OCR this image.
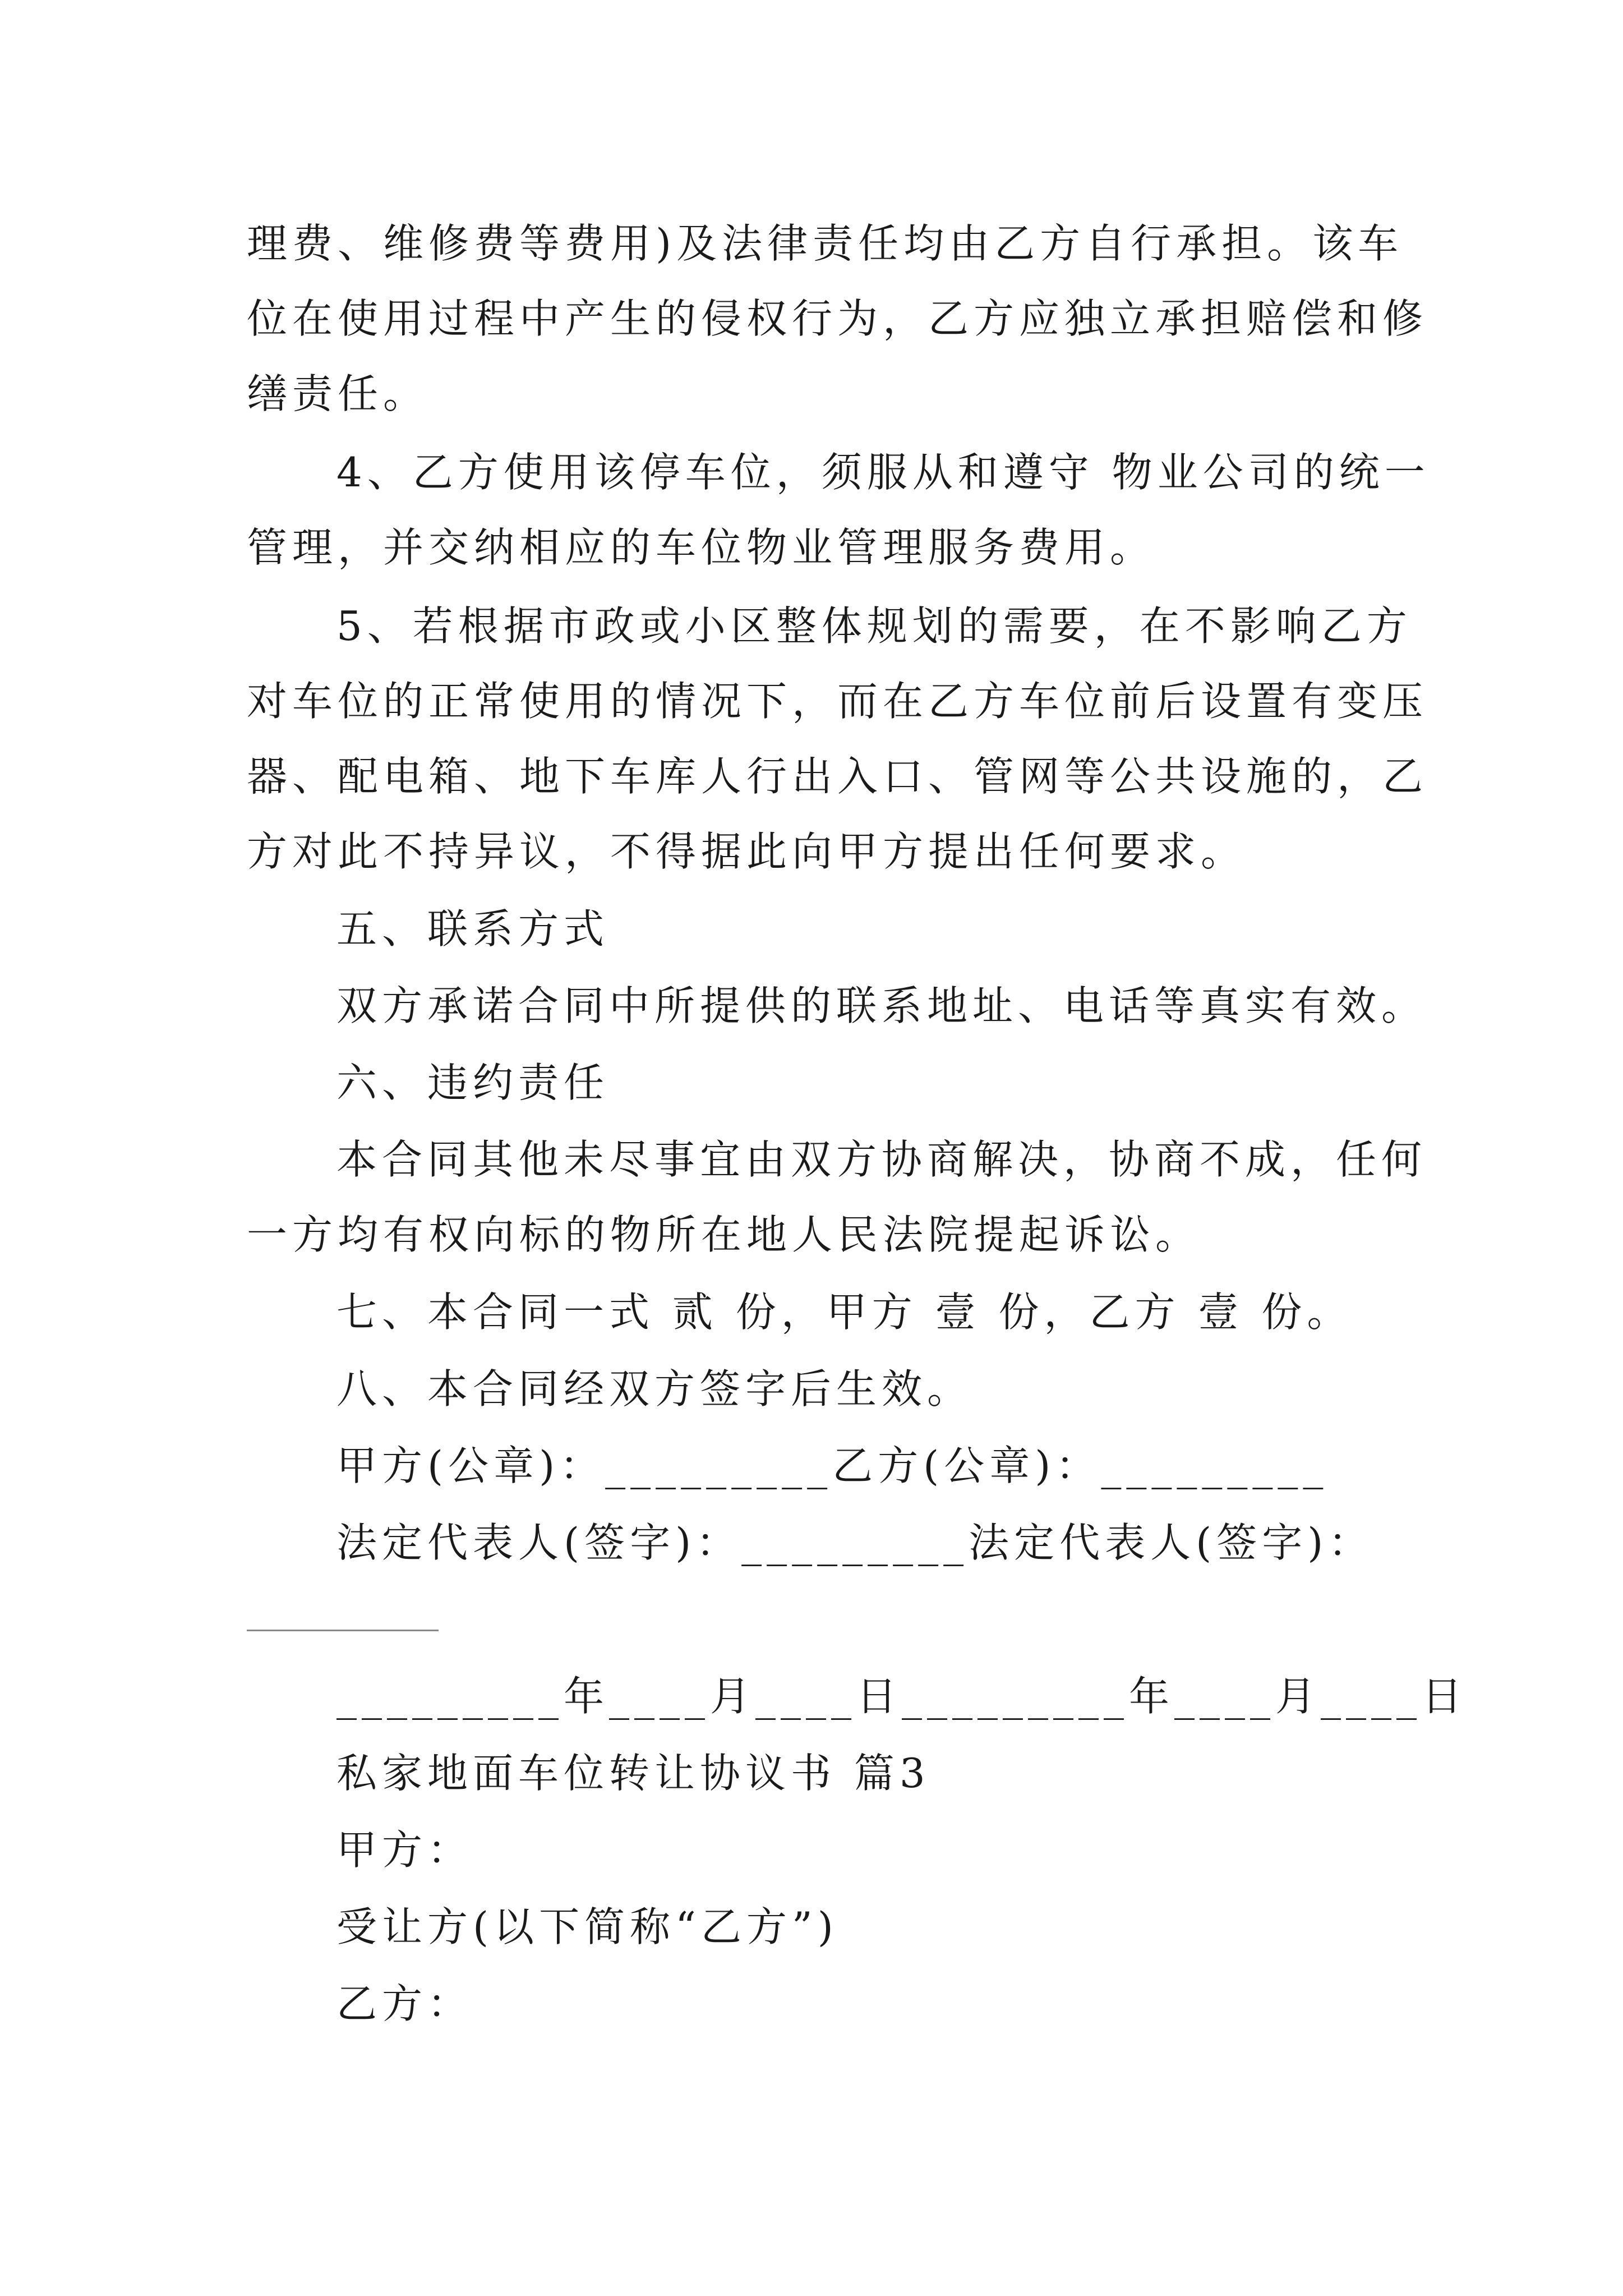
理费、维修费等费用)及法律责任均由乙方自行承担。该车
位在使用过程中产生的侵权行为，乙方应独立承担赔偿和修
缮责任。
4、乙方使用该停车位，须服从和遵守 物业公司的统一
管理，并交纳相应的车位物业管理服务费用。
5、若根据市政或小区整体规划的需要，在不影响乙方
对车位的正常使用的情况下，而在乙方车位前后设置有变压
器、配电箱、地下车库人行出入口、管网等公共设施的，乙
方对此不持异议，不得据此向甲方提出任何要求。
五、联系方式
双方承诺合同中所提供的联系地址、电话等真实有效。
六、违约责任
本合同其他未尽事宜由双方协商解决，协商不成，任何
一方均有权向标的物所在地人民法院提起诉讼。
七、本合同一式 贰 份，甲方 壹 份，乙方 壹 份。
八、本合同经双方签字后生效。
甲方(公章)：_________乙方(公章)：_________
法定代表人(签字)：_________法定代表人(签字)：
_________年____月____日_________年____月____日
私家地面车位转让协议书 篇3
甲方：
受让方(以下简称“乙方”)
乙方：
